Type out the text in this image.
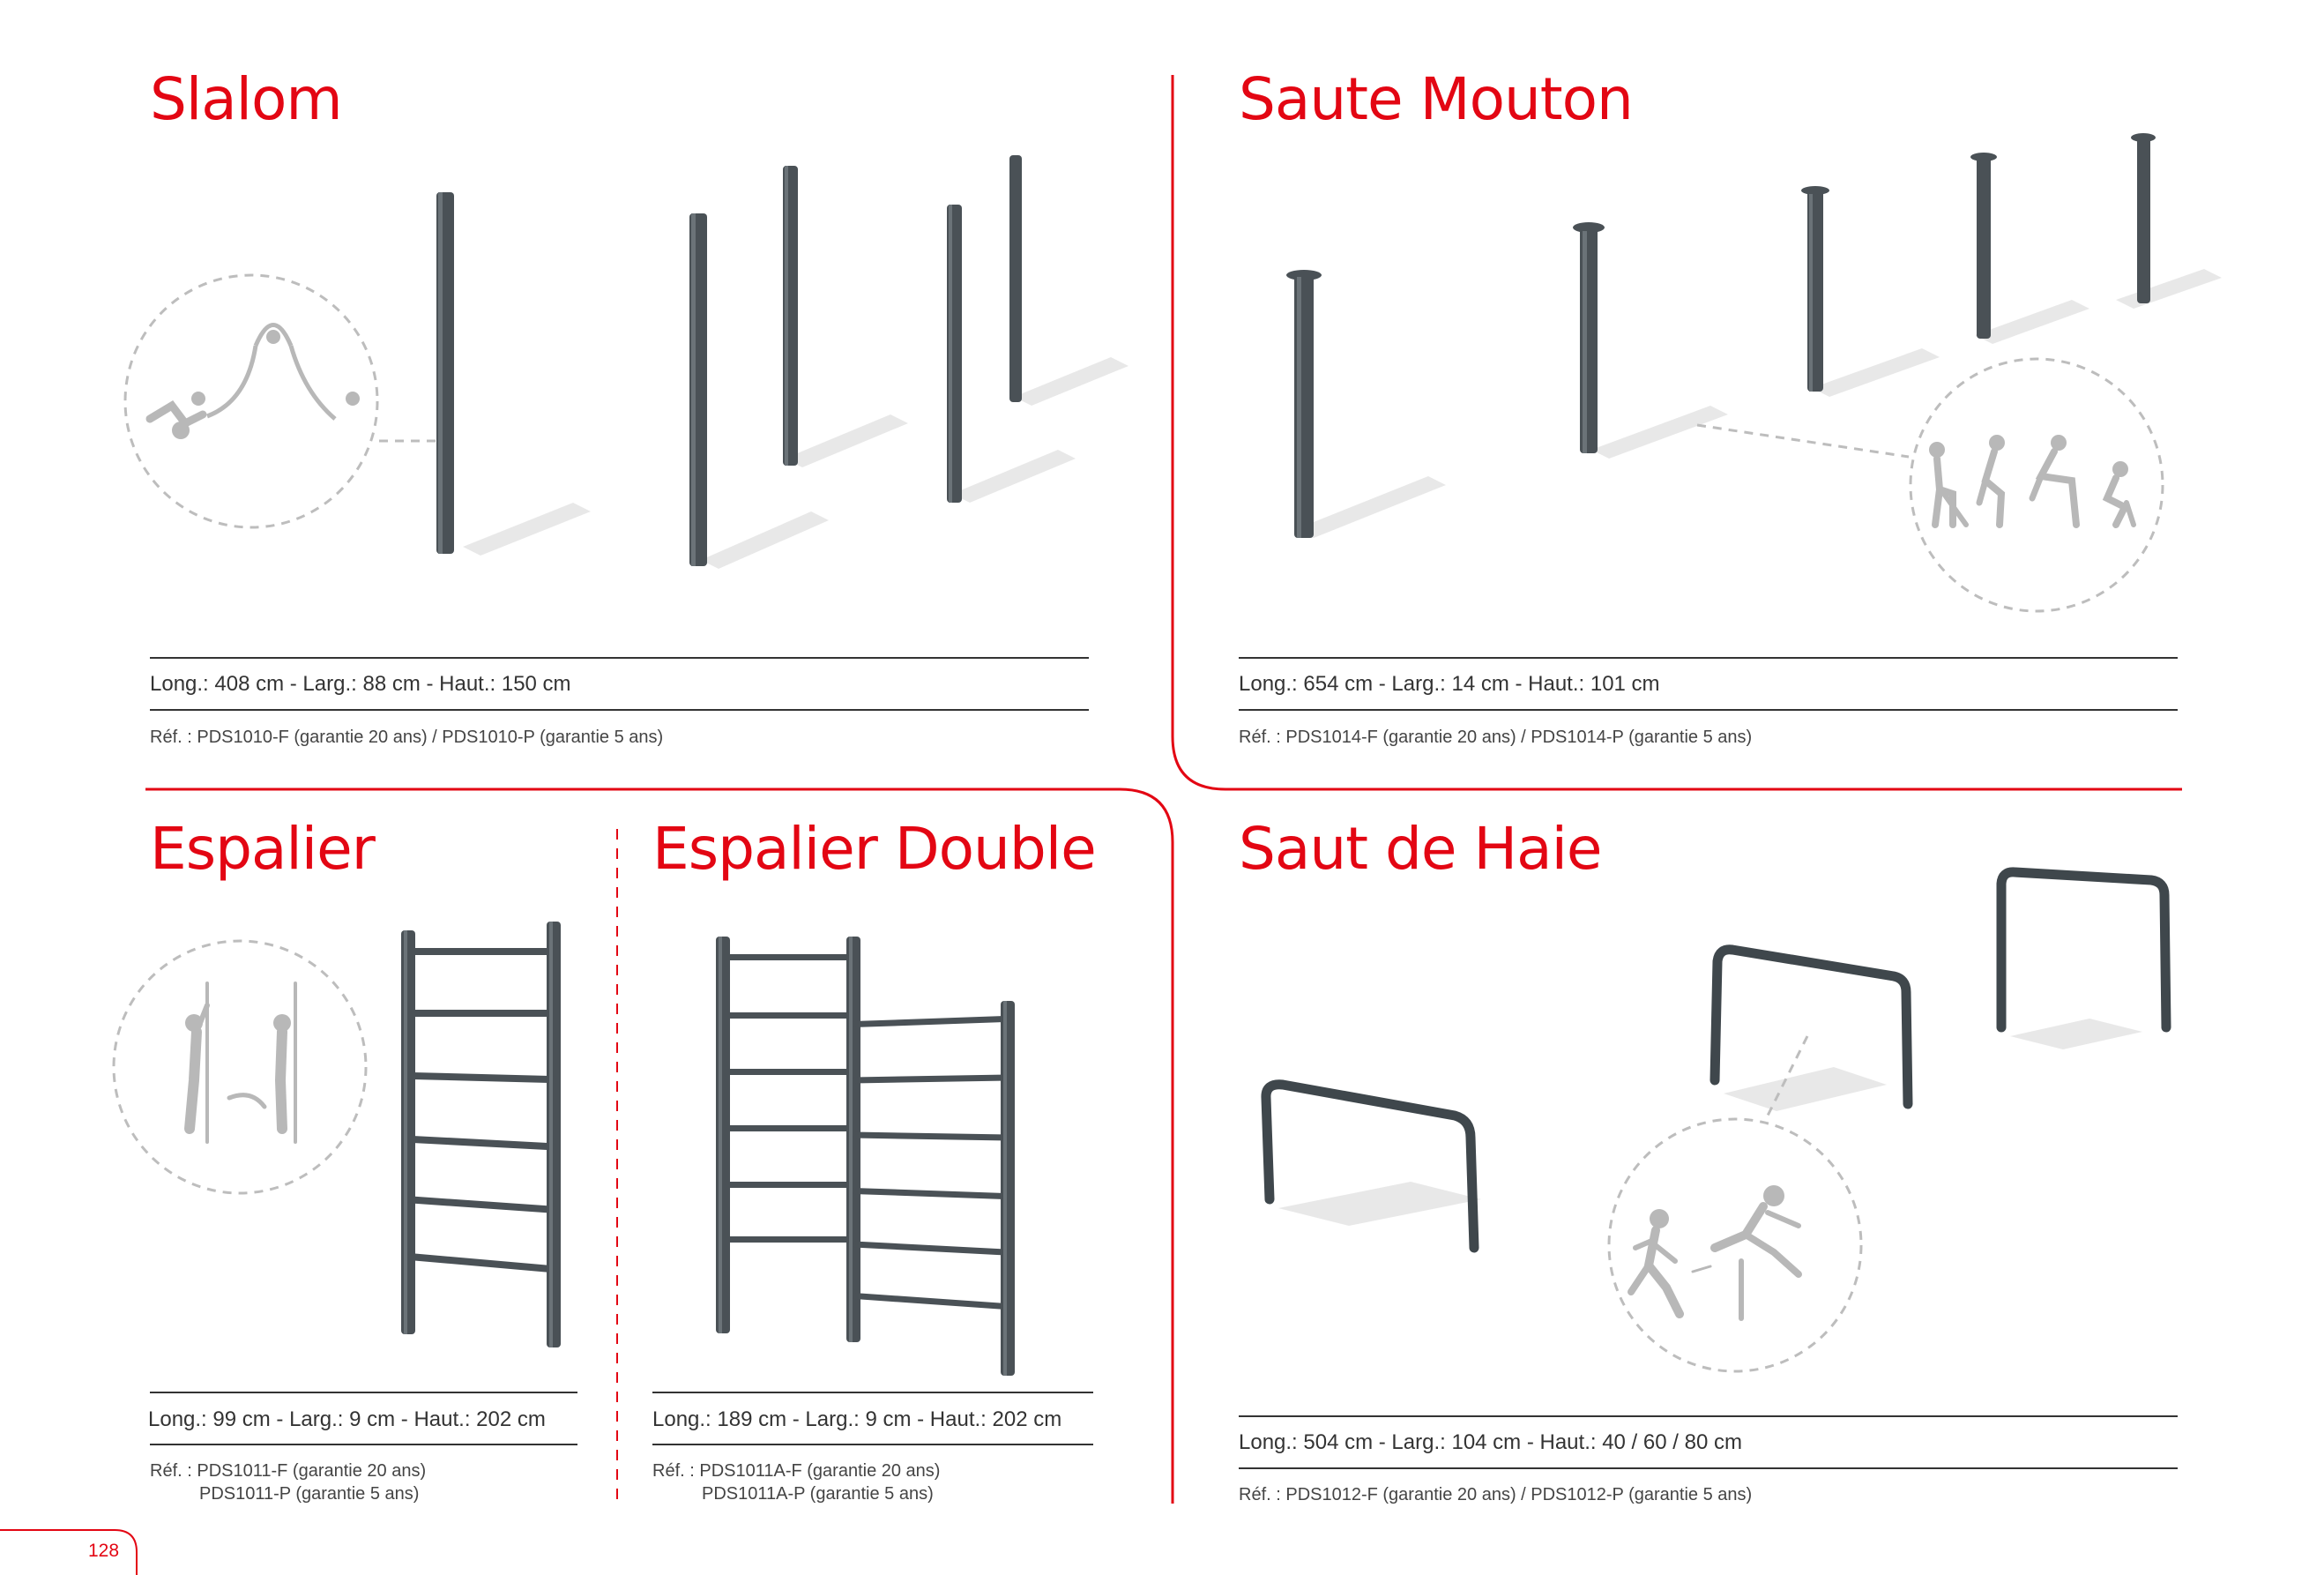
Slalom
Long.: 408 cm - Larg.: 88 cm - Haut.: 150 cm
Réf. : PDS1010-F (garantie 20 ans) / PDS1010-P (garantie 5 ans)
Saute Mouton
Long.: 654 cm - Larg.: 14 cm - Haut.: 101 cm
Réf. : PDS1014-F (garantie 20 ans) / PDS1014-P (garantie 5 ans)
Espalier
Long.: 99 cm - Larg.: 9 cm - Haut.: 202 cm
Réf. : PDS1011-F (garantie 20 ans)
PDS1011-P (garantie 5 ans)
Espalier Double
Long.: 189 cm - Larg.: 9 cm - Haut.: 202 cm
Réf. : PDS1011A-F (garantie 20 ans)
PDS1011A-P (garantie 5 ans)
Saut de Haie
Long.: 504 cm - Larg.: 104 cm - Haut.: 40 / 60 / 80 cm
Réf. : PDS1012-F (garantie 20 ans) / PDS1012-P (garantie 5 ans)
128
